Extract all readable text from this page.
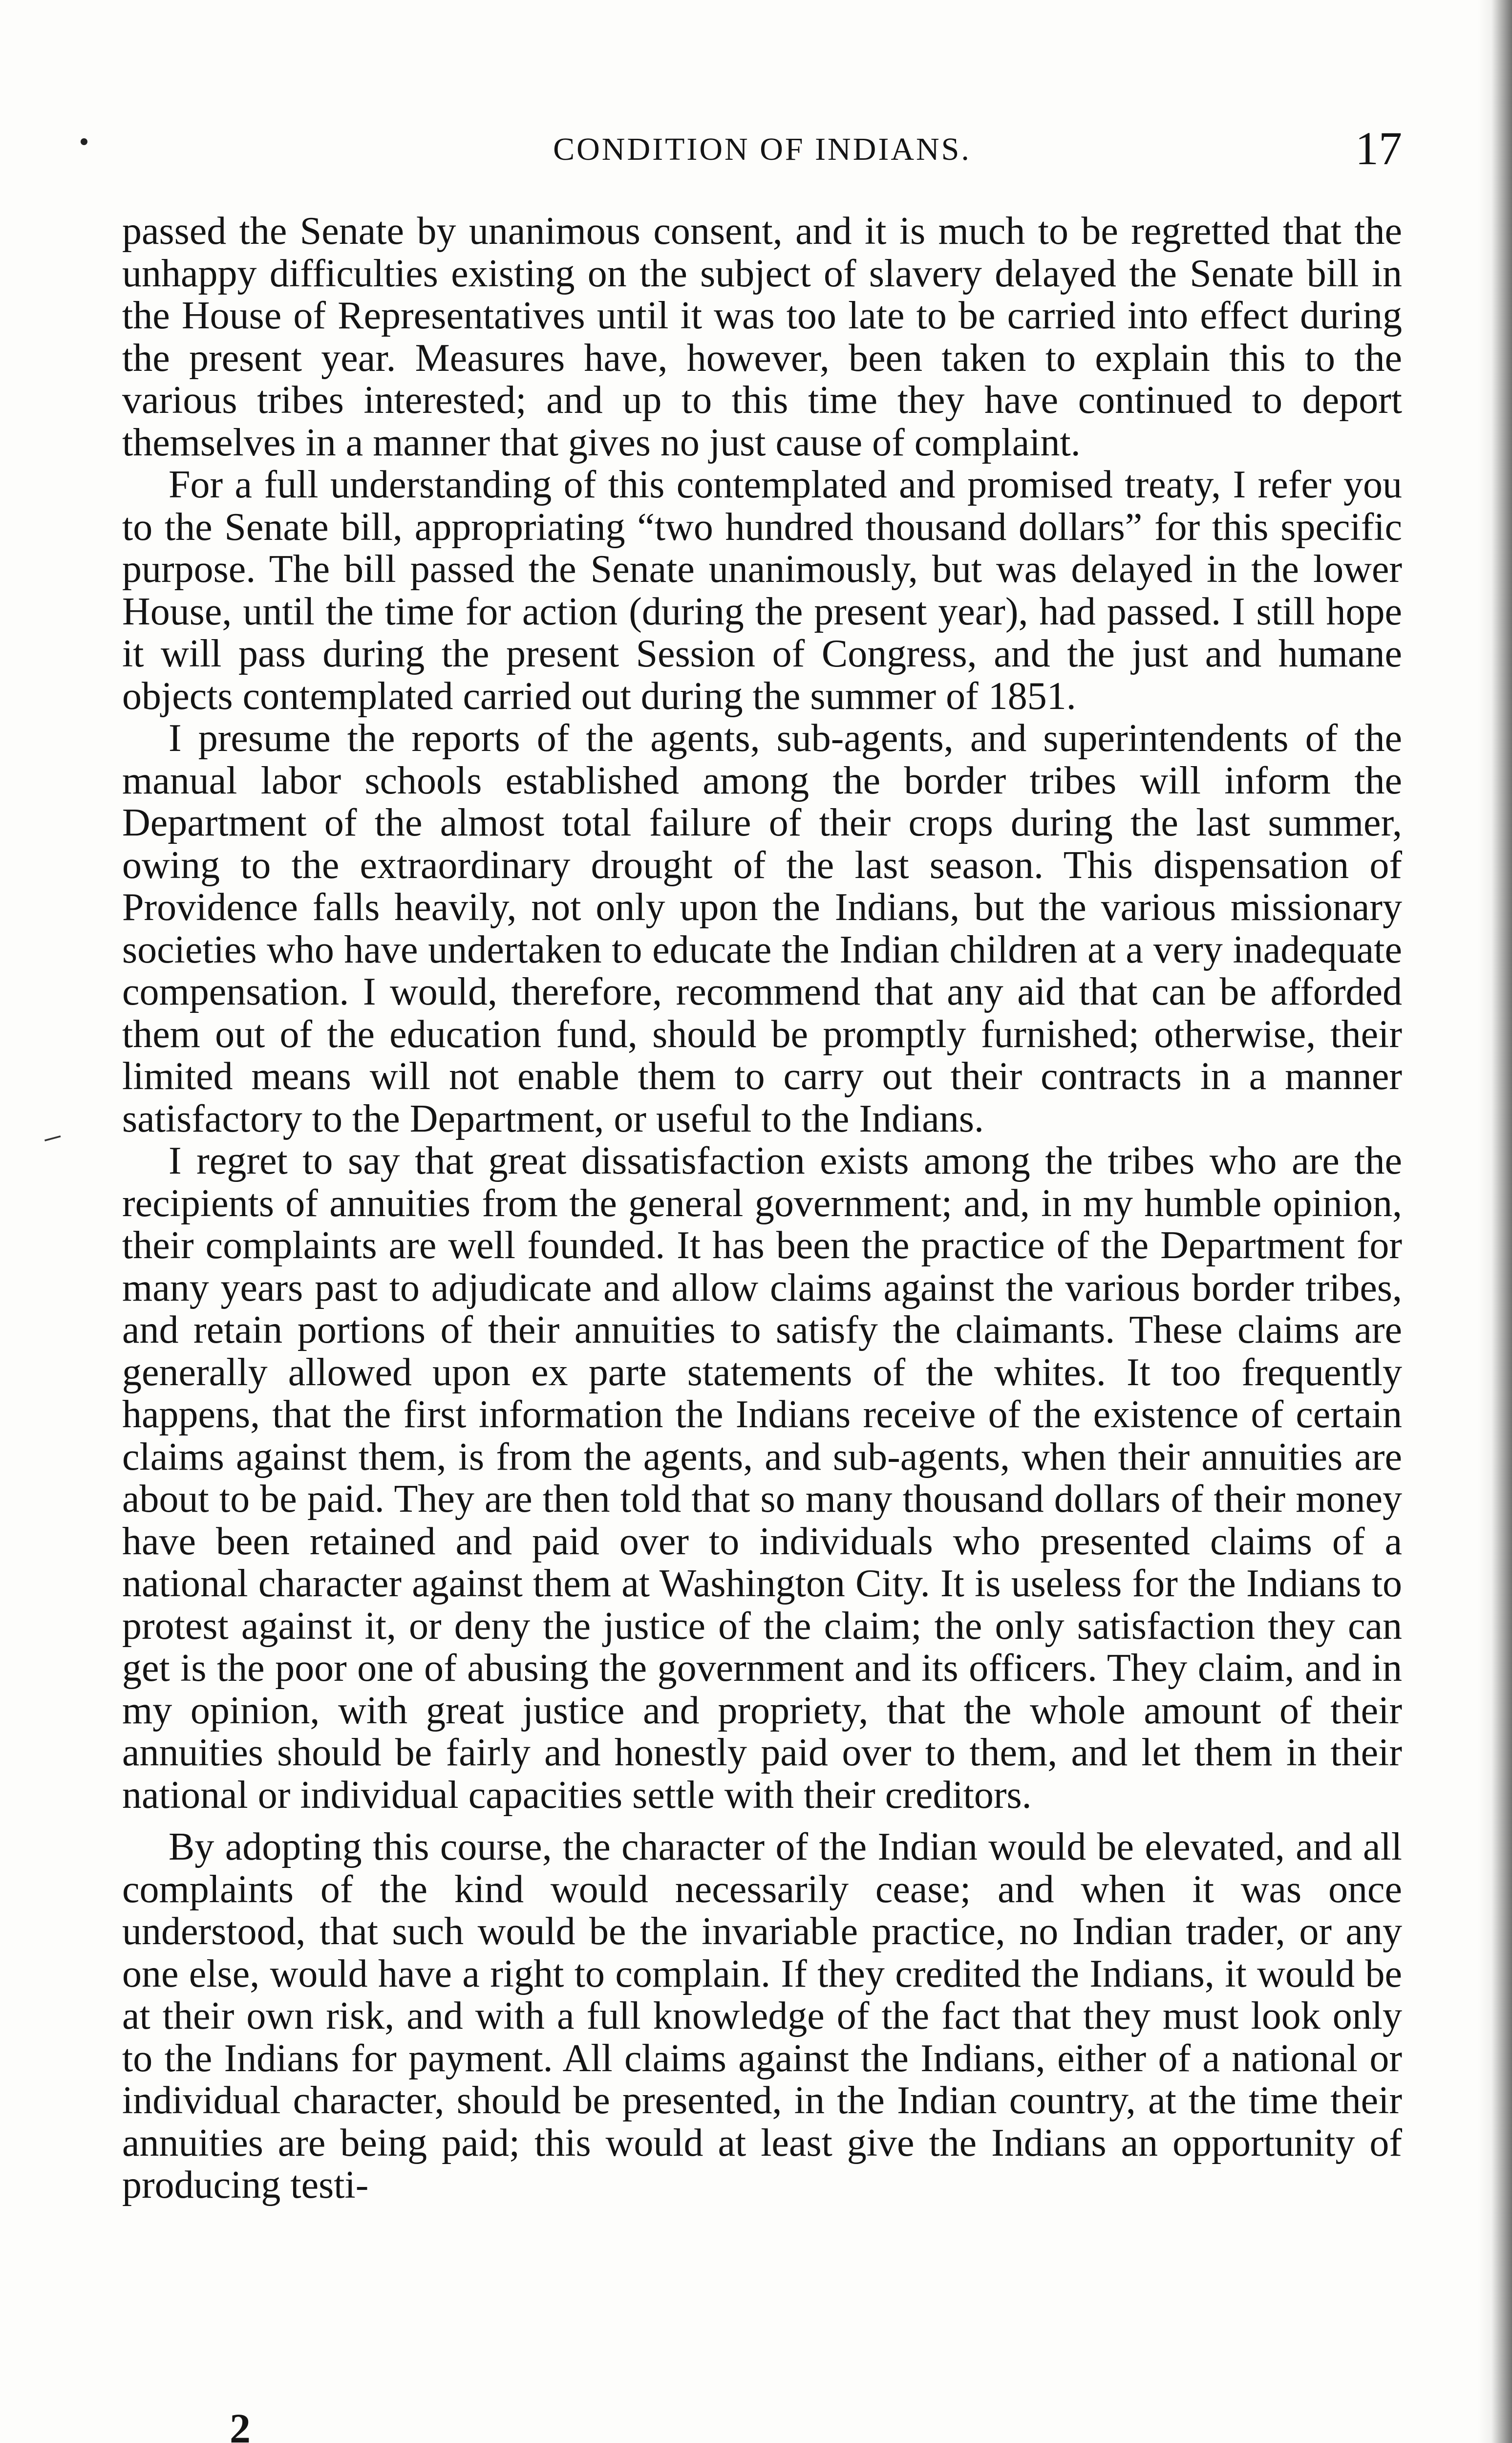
CONDITION OF INDIANS.	17
⸝

passed the Senate by unanimous consent, and it is much to be regretted that the unhappy difficulties existing on the subject of slavery delayed the Senate bill in the House of Representatives until it was too late to be carried into effect during the present year. Measures have, however, been taken to explain this to the various tribes interested; and up to this time they have continued to deport themselves in a manner that gives no just cause of complaint.

For a full understanding of this contemplated and promised treaty, I refer you to the Senate bill, appropriating “two hundred thousand dollars” for this specific purpose. The bill passed the Senate unanimously, but was delayed in the lower House, until the time for action (during the present year), had passed. I still hope it will pass during the present Session of Congress, and the just and humane objects contemplated carried out during the summer of 1851.

I presume the reports of the agents, sub-agents, and superintendents of the manual labor schools established among the border tribes will inform the Department of the almost total failure of their crops during the last summer, owing to the extraordinary drought of the last season. This dispensation of Providence falls heavily, not only upon the Indians, but the various missionary societies who have undertaken to educate the Indian children at a very inadequate compensation. I would, therefore, recommend that any aid that can be afforded them out of the education fund, should be promptly furnished; otherwise, their limited means will not enable them to carry out their contracts in a manner satisfactory to the Department, or useful to the Indians.

I regret to say that great dissatisfaction exists among the tribes who are the recipients of annuities from the general government; and, in my humble opinion, their complaints are well founded. It has been the practice of the Department for many years past to adjudicate and allow claims against the various border tribes, and retain portions of their annuities to satisfy the claimants. These claims are generally allowed upon ex parte statements of the whites. It too frequently happens, that the first information the Indians receive of the existence of certain claims against them, is from the agents, and sub-agents, when their annuities are about to be paid. They are then told that so many thousand dollars of their money have been retained and paid over to individuals who presented claims of a national character against them at Washington City. It is useless for the Indians to protest against it, or deny the justice of the claim; the only satisfaction they can get is the poor one of abusing the government and its officers. They claim, and in my opinion, with great justice and propriety, that the whole amount of their annuities should be fairly and honestly paid over to them, and let them in their national or individual capacities settle with their creditors.

By adopting this course, the character of the Indian would be elevated, and all complaints of the kind would necessarily cease; and when it was once understood, that such would be the invariable practice, no Indian trader, or any one else, would have a right to complain. If they credited the Indians, it would be at their own risk, and with a full knowledge of the fact that they must look only to the Indians for payment. All claims against the Indians, either of a national or individual character, should be presented, in the Indian country, at the time their annuities are being paid; this would at least give the Indians an opportunity of producing testi-

2
